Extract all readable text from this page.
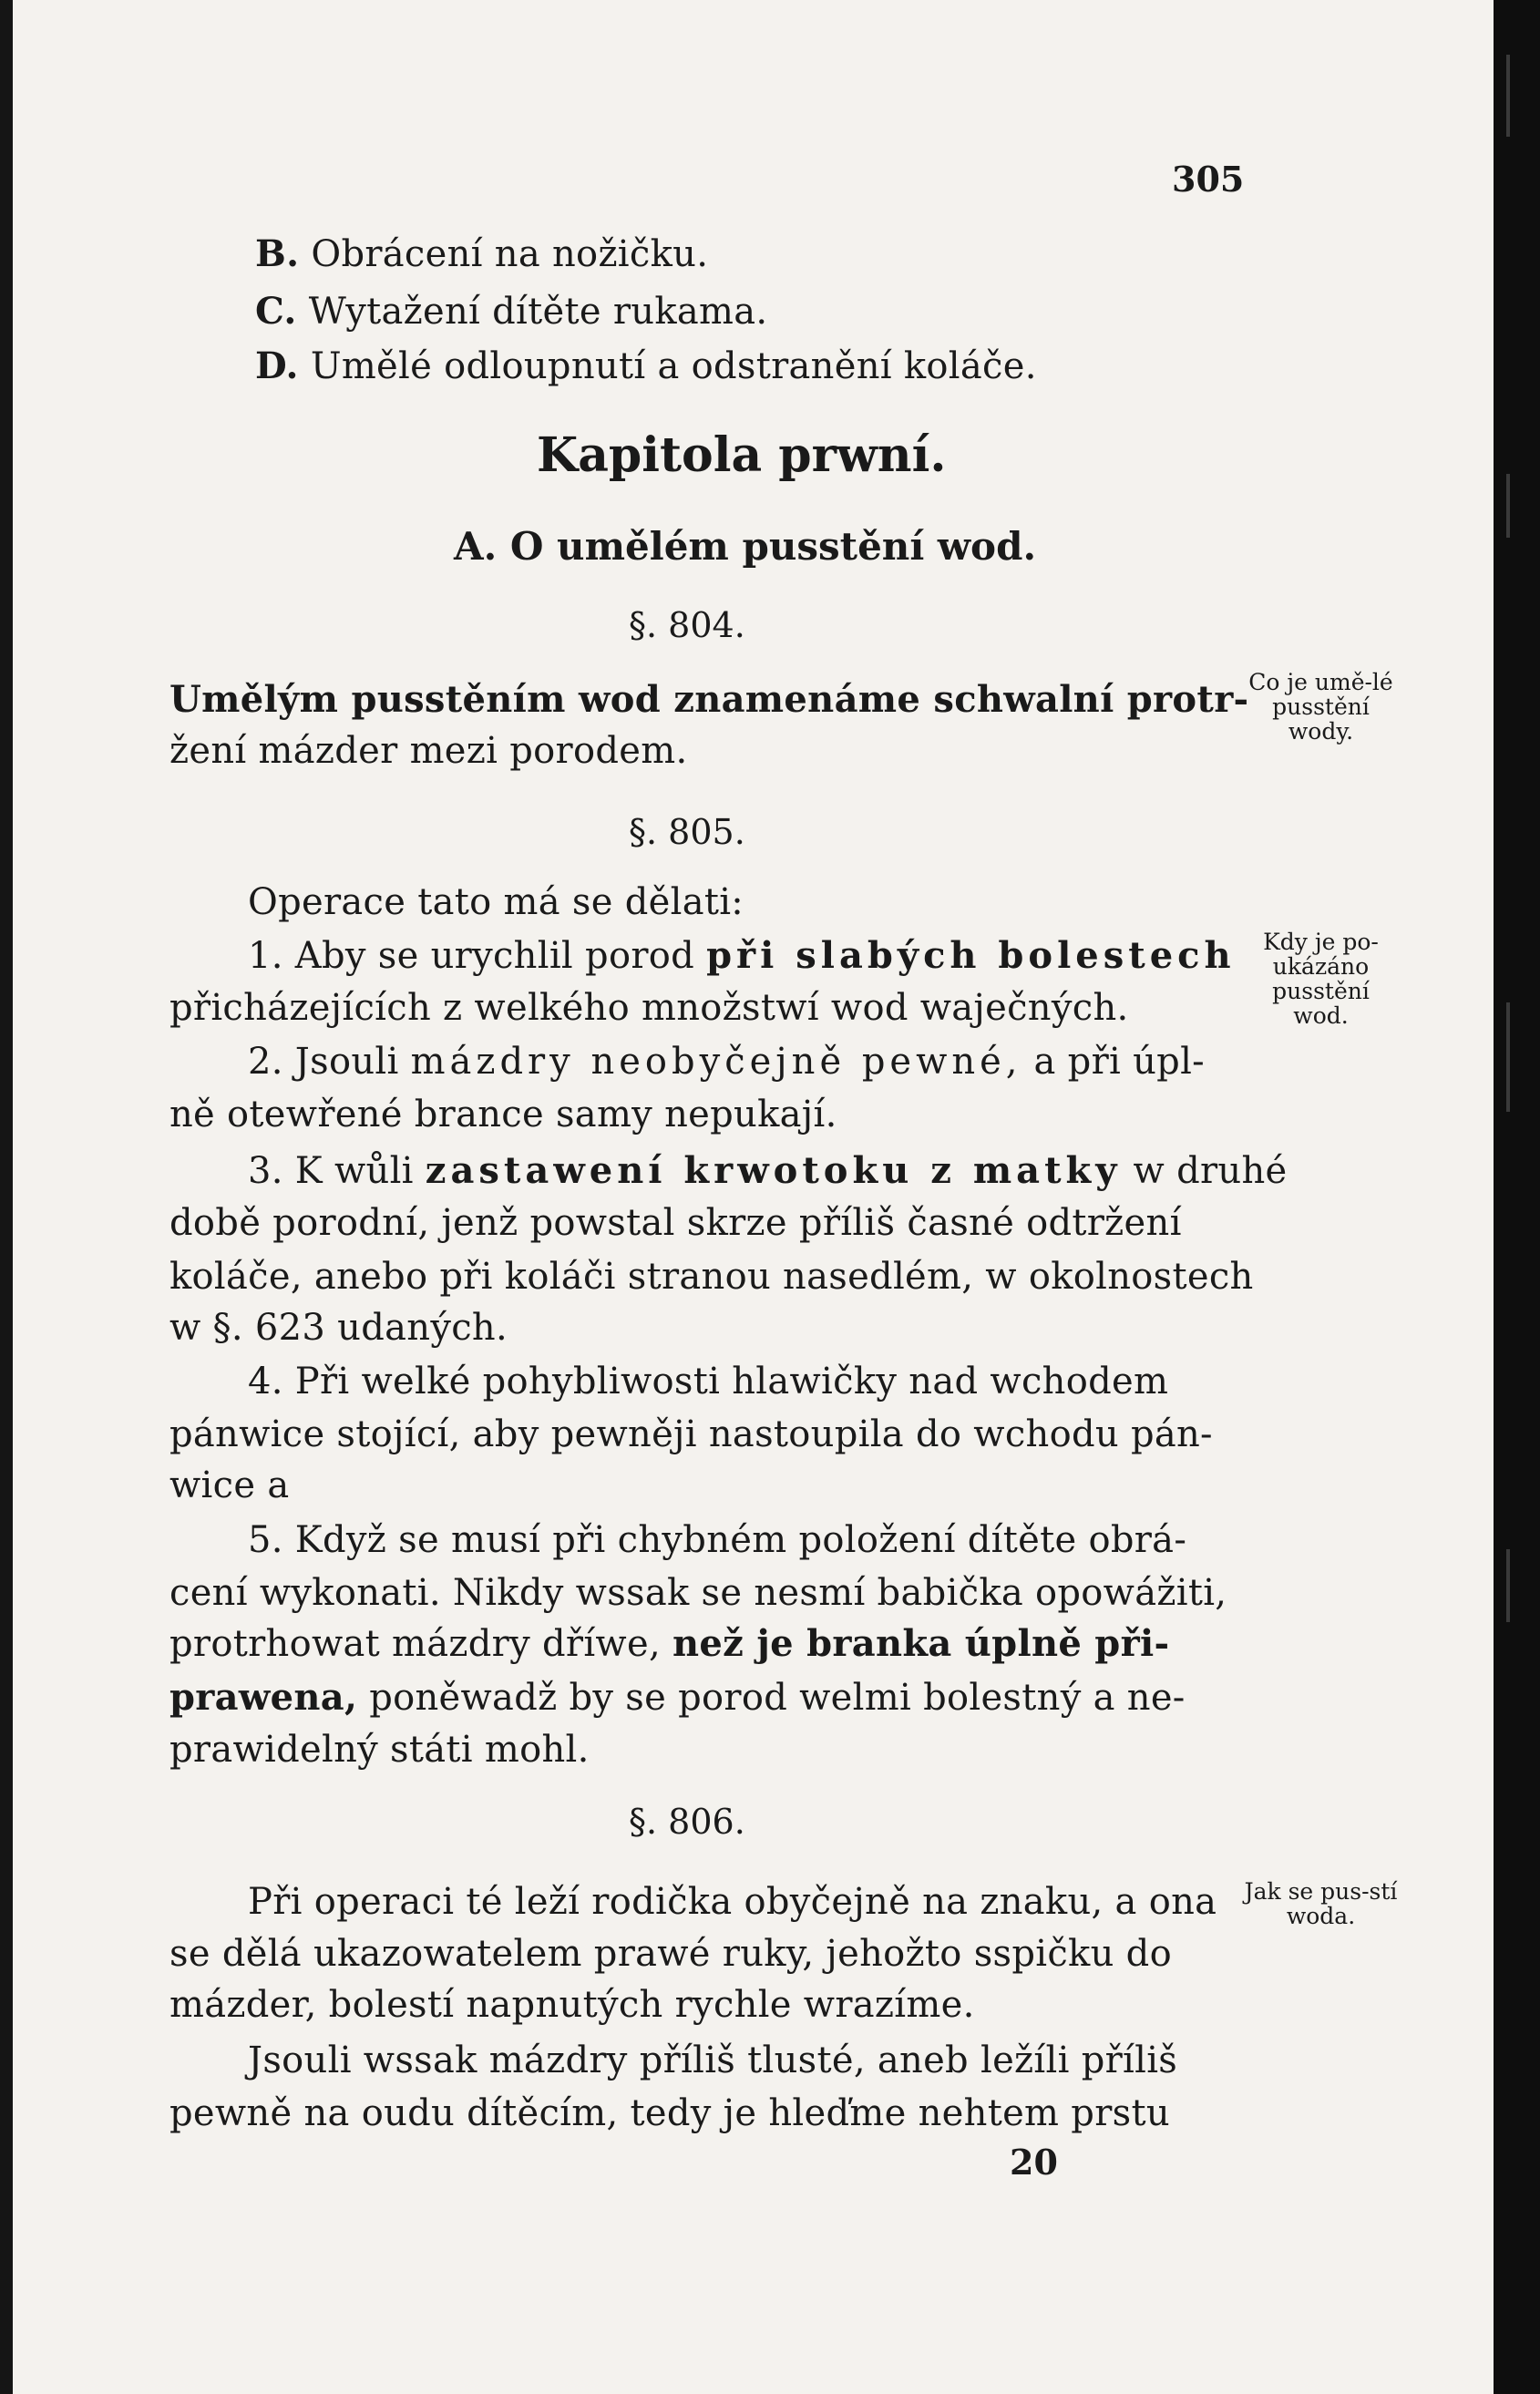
305
B. Obrácení na nožičku.
C. Wytažení dítěte rukama.
D. Umělé odloupnutí a odstranění koláče.
Kapitola prwní.
A. O umělém pusstění wod.
§. 804.
Umělým pusstěním wod znamenáme schwalní protr-
žení mázder mezi porodem.
Co je umě-lé pusstění wody.
§. 805.
Operace tato má se dělati:
1. Aby se urychlil porod při slabých bolestech
přicházejících z welkého množstwí wod waječných.
2. Jsouli mázdry neobyčejně pewné, a při úpl-
ně otewřené brance samy nepukají.
3. K wůli zastawení krwotoku z matky w druhé
době porodní, jenž powstal skrze příliš časné odtržení
koláče, anebo při koláči stranou nasedlém, w okolnostech
w §. 623 udaných.
4. Při welké pohybliwosti hlawičky nad wchodem
pánwice stojící, aby pewněji nastoupila do wchodu pán-
wice a
5. Když se musí při chybném položení dítěte obrá-
cení wykonati. Nikdy wssak se nesmí babička opowážiti,
protrhowat mázdry dříwe, než je branka úplně při-
prawena, poněwadž by se porod welmi bolestný a ne-
prawidelný státi mohl.
Kdy je po-ukázáno pusstění wod.
§. 806.
Při operaci té leží rodička obyčejně na znaku, a ona
se dělá ukazowatelem prawé ruky, jehožto sspičku do
mázder, bolestí napnutých rychle wrazíme.
Jsouli wssak mázdry příliš tlusté, aneb ležíli příliš
pewně na oudu dítěcím, tedy je hleďme nehtem prstu
Jak se pus-stí woda.
20
